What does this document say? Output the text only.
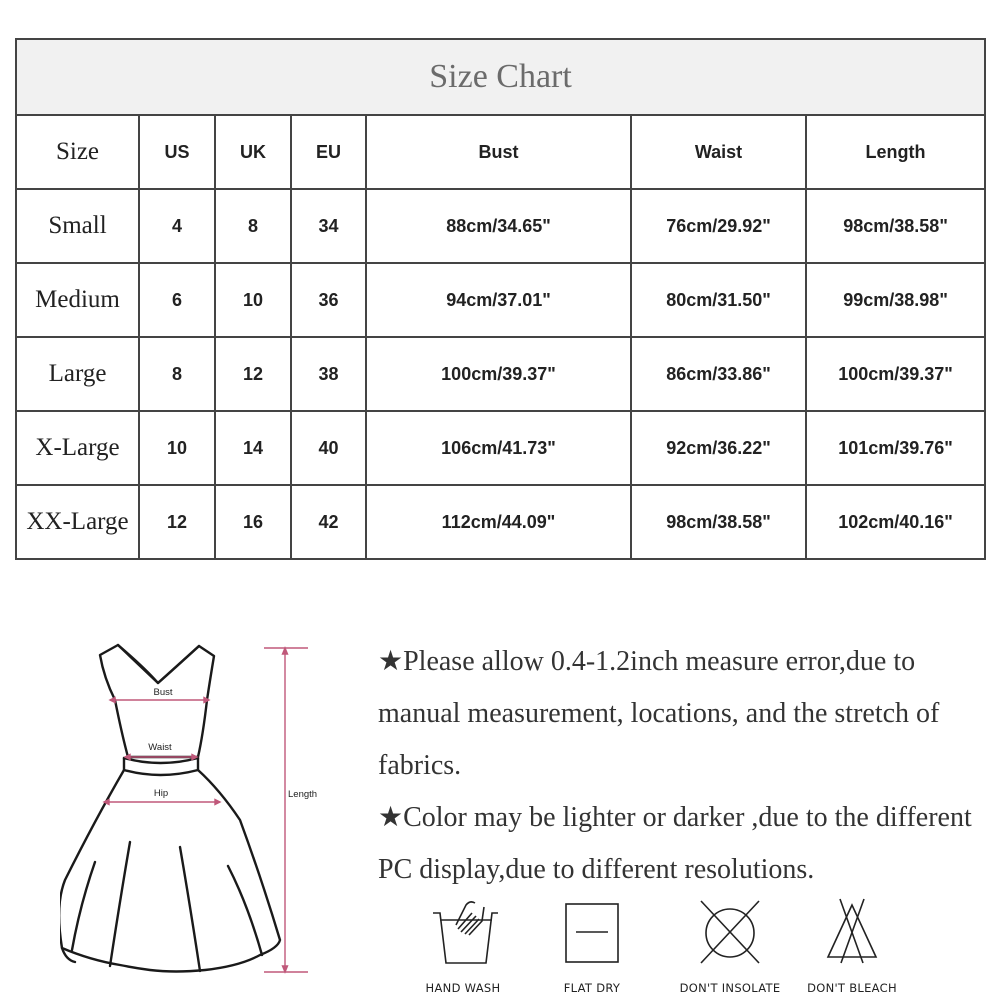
Size Chart						
Size	US	UK	EU	Bust	Waist	Length
Small	4	8	34	88cm/34.65"	76cm/29.92"	98cm/38.58"
Medium	6	10	36	94cm/37.01"	80cm/31.50"	99cm/38.98"
Large	8	12	38	100cm/39.37"	86cm/33.86"	100cm/39.37"
X-Large	10	14	40	106cm/41.73"	92cm/36.22"	101cm/39.76"
XX-Large	12	16	42	112cm/44.09"	98cm/38.58"	102cm/40.16"
Bust
Waist
Hip	Length

★Please allow 0.4-1.2inch measure error,due to manual measurement, locations, and the stretch of fabrics.

★Color may be lighter or darker ,due to the different PC display,due to different resolutions.

HAND WASH	FLAT DRY	DON'T INSOLATE	DON'T BLEACH
